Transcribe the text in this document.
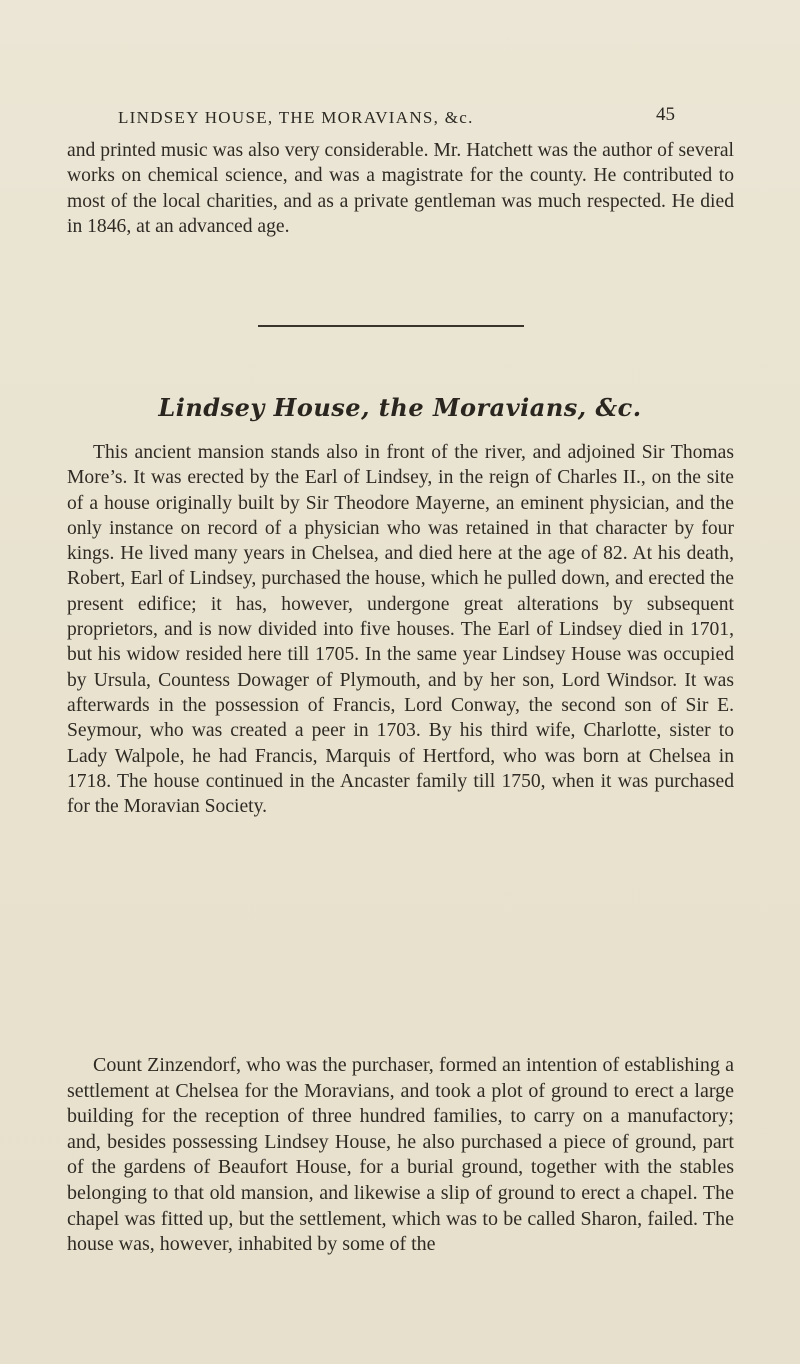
LINDSEY HOUSE, THE MORAVIANS, &c.	45

and printed music was also very considerable. Mr. Hatchett was the author of several works on chemical science, and was a magistrate for the county. He contributed to most of the local charities, and as a private gentleman was much respected. He died in 1846, at an advanced age.

Lindsey House, the Moravians, &c.

This ancient mansion stands also in front of the river, and adjoined Sir Thomas More’s. It was erected by the Earl of Lindsey, in the reign of Charles II., on the site of a house originally built by Sir Theodore Mayerne, an eminent physician, and the only instance on record of a physician who was retained in that character by four kings. He lived many years in Chelsea, and died here at the age of 82. At his death, Robert, Earl of Lindsey, purchased the house, which he pulled down, and erected the present edifice; it has, however, undergone great alterations by subsequent proprietors, and is now divided into five houses. The Earl of Lindsey died in 1701, but his widow resided here till 1705. In the same year Lindsey House was occupied by Ursula, Countess Dowager of Plymouth, and by her son, Lord Windsor. It was afterwards in the possession of Francis, Lord Conway, the second son of Sir E. Seymour, who was created a peer in 1703. By his third wife, Charlotte, sister to Lady Walpole, he had Francis, Marquis of Hertford, who was born at Chelsea in 1718. The house continued in the Ancaster family till 1750, when it was purchased for the Moravian Society.

Count Zinzendorf, who was the purchaser, formed an intention of establishing a settlement at Chelsea for the Moravians, and took a plot of ground to erect a large building for the reception of three hundred families, to carry on a manufactory; and, besides possessing Lindsey House, he also purchased a piece of ground, part of the gardens of Beaufort House, for a burial ground, together with the stables belonging to that old mansion, and likewise a slip of ground to erect a chapel. The chapel was fitted up, but the settlement, which was to be called Sharon, failed. The house was, however, inhabited by some of the
